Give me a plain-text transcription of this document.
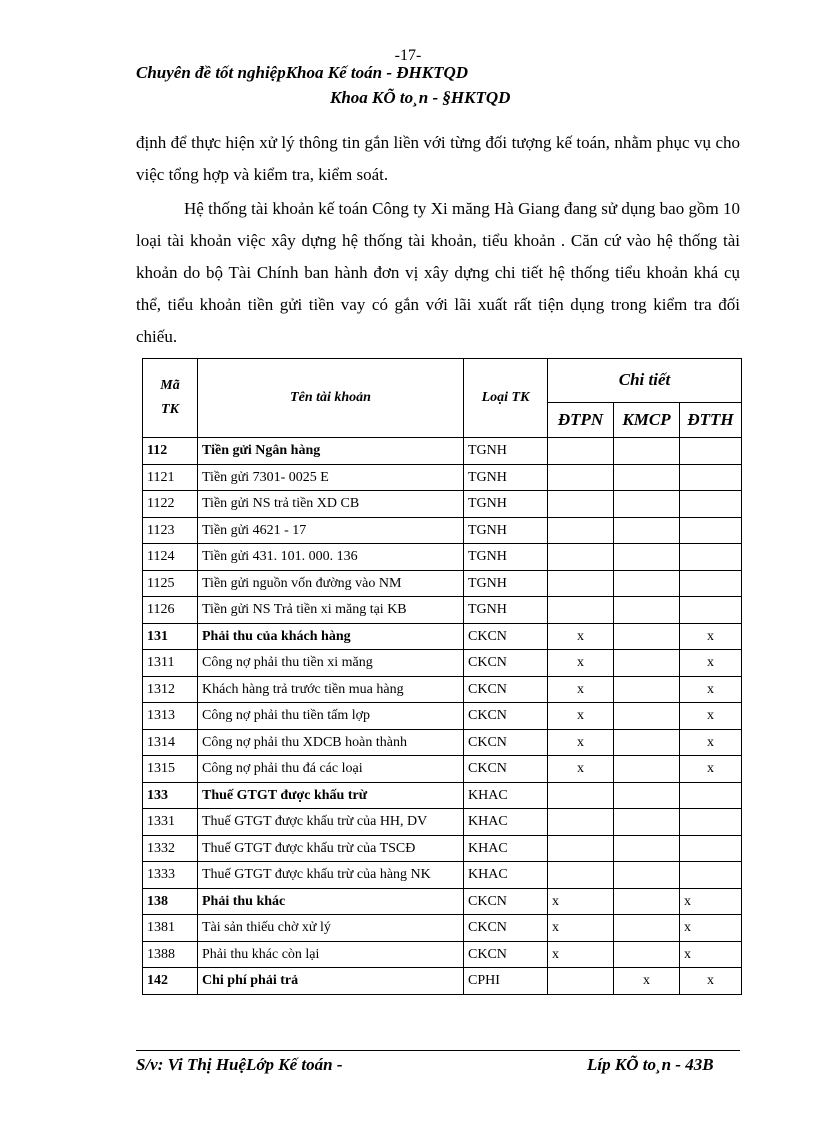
-17-
Chuyên đề tốt nghiệpKhoa Kế toán - ĐHKTQD
Khoa KÕ to¸n - §HKTQD

định để thực hiện xử lý thông tin gắn liền với từng đối tượng kế toán, nhằm phục vụ cho việc tổng hợp và kiểm tra, kiểm soát.

Hệ thống tài khoản kế toán Công ty Xi măng Hà Giang đang sử dụng bao gồm 10 loại tài khoản việc xây dựng hệ thống tài khoản, tiểu khoản . Căn cứ vào hệ thống tài khoản do bộ Tài Chính ban hành đơn vị xây dựng chi tiết hệ thống tiểu khoản khá cụ thể, tiểu khoản tiền gửi tiền vay có gắn với lãi xuất rất tiện dụng trong kiểm tra đối chiếu.

Mã
TK	Tên tài khoản	Loại TK	Chi tiết		
			ĐTPN	KMCP	ĐTTH
112	Tiền gửi Ngân hàng	TGNH			
1121	Tiền gửi 7301- 0025 E	TGNH			
1122	Tiền gửi NS trả tiền XD CB	TGNH			
1123	Tiền gửi 4621 - 17	TGNH			
1124	Tiền gửi 431. 101. 000. 136	TGNH			
1125	Tiền gửi nguồn vốn đường vào NM	TGNH			
1126	Tiền gửi NS Trả tiền xi măng tại KB	TGNH			
131	Phải thu của khách hàng	CKCN	x		x
1311	Công nợ phải thu tiền xi măng	CKCN	x		x
1312	Khách hàng trả trước tiền mua hàng	CKCN	x		x
1313	Công nợ phải thu tiền tấm lợp	CKCN	x		x
1314	Công nợ phải thu XDCB hoàn thành	CKCN	x		x
1315	Công nợ phải thu đá các loại	CKCN	x		x
133	Thuế GTGT được khấu trừ	KHAC			
1331	Thuế GTGT được khấu trừ của HH, DV	KHAC			
1332	Thuế GTGT được khấu trừ của TSCĐ	KHAC			
1333	Thuế GTGT được khấu trừ của hàng NK	KHAC			
138	Phải thu khác	CKCN	x		x
1381	Tài sản thiếu chờ xử lý	CKCN	x		x
1388	Phải thu khác còn lại	CKCN	x		x
142	Chi phí phải trả	CPHI		x	x
S/v: Vi Thị HuệLớp Kế toán -	Líp KÕ to¸n - 43B
